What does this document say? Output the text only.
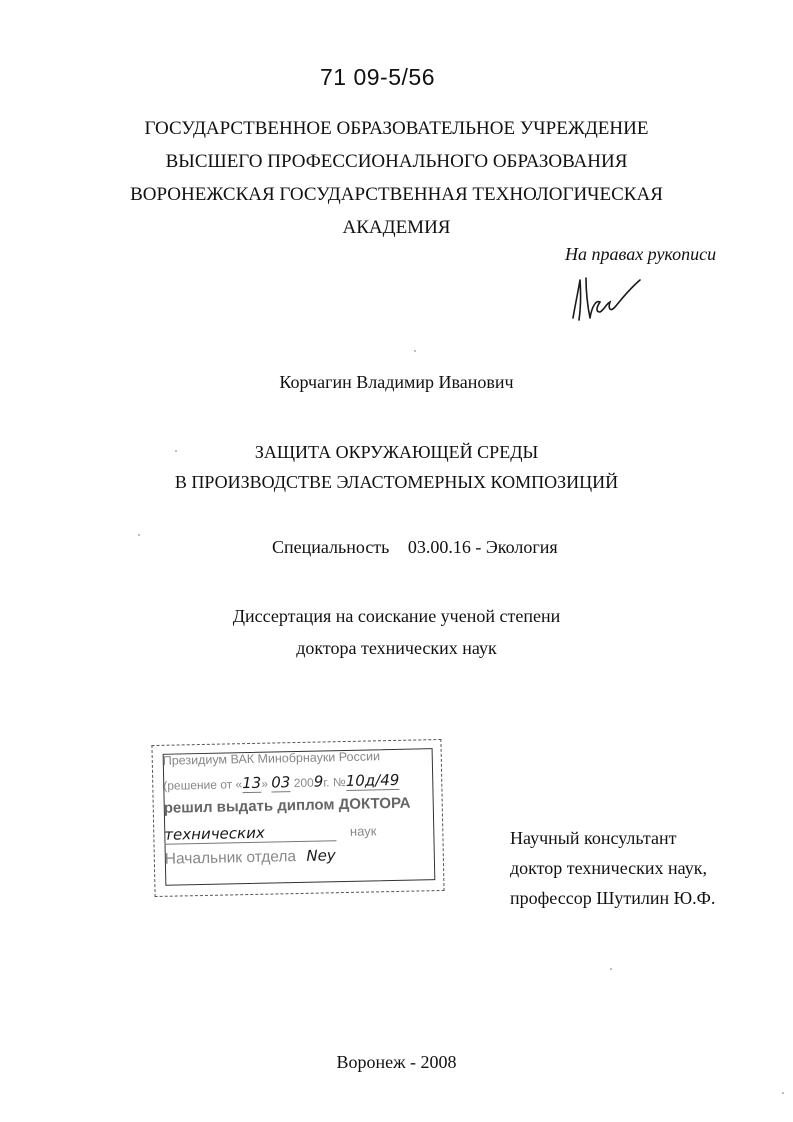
71 09-5/56
ГОСУДАРСТВЕННОЕ ОБРАЗОВАТЕЛЬНОЕ УЧРЕЖДЕНИЕ
ВЫСШЕГО ПРОФЕССИОНАЛЬНОГО ОБРАЗОВАНИЯ
ВОРОНЕЖСКАЯ ГОСУДАРСТВЕННАЯ ТЕХНОЛОГИЧЕСКАЯ
АКАДЕМИЯ
На правах рукописи
Корчагин Владимир Иванович
ЗАЩИТА ОКРУЖАЮЩЕЙ СРЕДЫ
В ПРОИЗВОДСТВЕ ЭЛАСТОМЕРНЫХ КОМПОЗИЦИЙ
Специальность 03.00.16 - Экология
Диссертация на соискание ученой степени
доктора технических наук
Президиум ВАК Минобрнауки России
(решение от «13» 03 2009г. №10д/49
решил выдать диплом ДОКТОРА
технических	наук
Начальник отдела Ney
Научный консультант
доктор технических наук,
профессор Шутилин Ю.Ф.
Воронеж - 2008
